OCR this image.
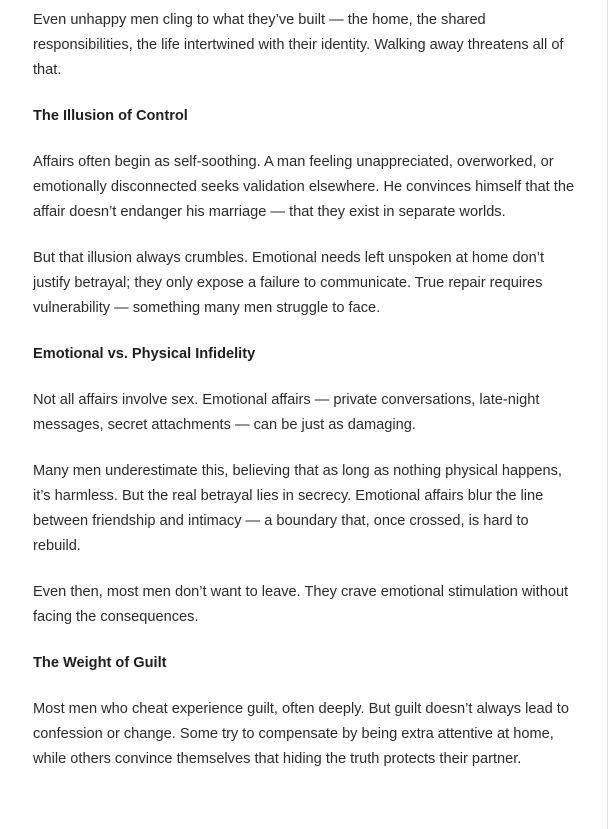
Even unhappy men cling to what they’ve built — the home, the shared responsibilities, the life intertwined with their identity. Walking away threatens all of that.

The Illusion of Control

Affairs often begin as self-soothing. A man feeling unappreciated, overworked, or emotionally disconnected seeks validation elsewhere. He convinces himself that the affair doesn’t endanger his marriage — that they exist in separate worlds.

But that illusion always crumbles. Emotional needs left unspoken at home don’t justify betrayal; they only expose a failure to communicate. True repair requires vulnerability — something many men struggle to face.

Emotional vs. Physical Infidelity

Not all affairs involve sex. Emotional affairs — private conversations, late-night messages, secret attachments — can be just as damaging.

Many men underestimate this, believing that as long as nothing physical happens, it’s harmless. But the real betrayal lies in secrecy. Emotional affairs blur the line between friendship and intimacy — a boundary that, once crossed, is hard to rebuild.

Even then, most men don’t want to leave. They crave emotional stimulation without facing the consequences.

The Weight of Guilt

Most men who cheat experience guilt, often deeply. But guilt doesn’t always lead to confession or change. Some try to compensate by being extra attentive at home, while others convince themselves that hiding the truth protects their partner.
